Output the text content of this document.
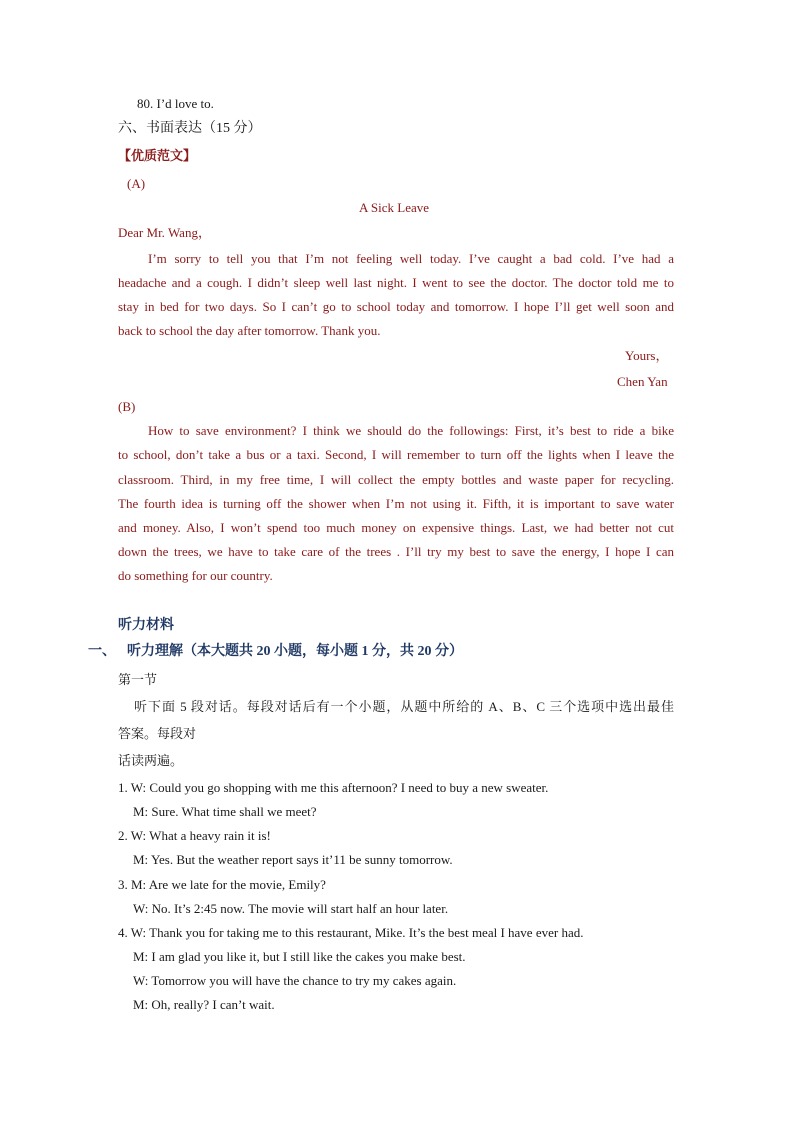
80. I’d love to.
六、书面表达（15 分）
【优质范文】
(A)
A Sick Leave
Dear Mr. Wang，
I’m sorry to tell you that I’m not feeling well today. I’ve caught a bad cold. I’ve had a
headache and a cough. I didn’t sleep well last night. I went to see the doctor. The doctor told me to
stay in bed for two days. So I can’t go to school today and tomorrow. I hope I’ll get well soon and
back to school the day after tomorrow. Thank you.
Yours，
Chen Yan
(B)
How to save environment? I think we should do the followings: First, it’s best to ride a bike
to school, don’t take a bus or a taxi. Second, I will remember to turn off the lights when I leave the
classroom. Third, in my free time, I will collect the empty bottles and waste paper for recycling.
The fourth idea is turning off the shower when I’m not using it. Fifth, it is important to save water
and money. Also, I won’t spend too much money on expensive things. Last, we had better not cut
down the trees, we have to take care of the trees . I’ll try my best to save the energy, I hope I can
do something for our country.
听力材料
一、 听力理解（本大题共 20 小题，每小题 1 分，共 20 分）
第一节
听下面 5 段对话。每段对话后有一个小题，从题中所给的 A、B、C 三个选项中选出最佳
答案。每段对
话读两遍。
1. W: Could you go shopping with me this afternoon? I need to buy a new sweater.
M: Sure. What time shall we meet?
2. W: What a heavy rain it is!
M: Yes. But the weather report says it’11 be sunny tomorrow.
3. M: Are we late for the movie, Emily?
W: No. It’s 2:45 now. The movie will start half an hour later.
4. W: Thank you for taking me to this restaurant, Mike. It’s the best meal I have ever had.
M: I am glad you like it, but I still like the cakes you make best.
W: Tomorrow you will have the chance to try my cakes again.
M: Oh, really? I can’t wait.
